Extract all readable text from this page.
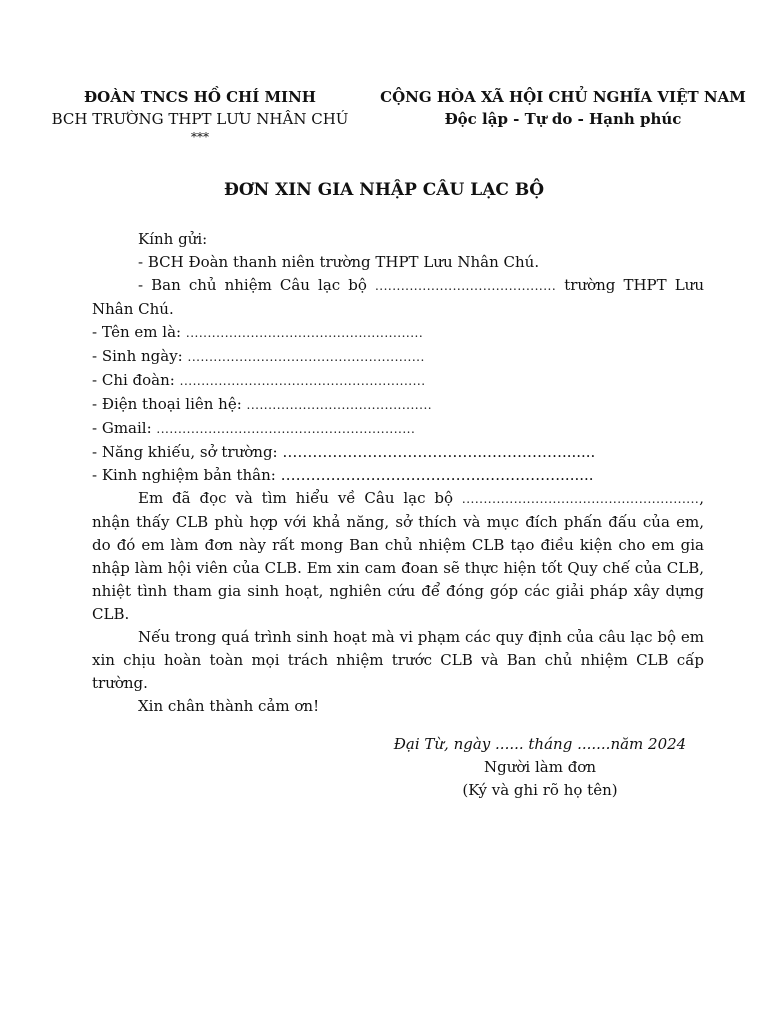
ĐOÀN TNCS HỒ CHÍ MINH
BCH TRƯỜNG THPT LƯU NHÂN CHÚ
***
CỘNG HÒA XÃ HỘI CHỦ NGHĨA VIỆT NAM
Độc lập - Tự do - Hạnh phúc
ĐƠN XIN GIA NHẬP CÂU LẠC BỘ
Kính gửi:
- BCH Đoàn thanh niên trường THPT Lưu Nhân Chú.
- Ban chủ nhiệm Câu lạc bộ .......................................... trường THPT Lưu
Nhân Chú.
- Tên em là: .......................................................
- Sinh ngày: .......................................................
- Chi đoàn: .........................................................
- Điện thoại liên hệ: ...........................................
- Gmail: ............................................................
- Năng khiếu, sở trường: …………………………………..…………….......
- Kinh nghiệm bản thân: …………………………………..…………….......
Em đã đọc và tìm hiểu về Câu lạc bộ ......................................................., nhận thấy CLB phù hợp với khả năng, sở thích và mục đích phấn đấu của em, do đó em làm đơn này rất mong Ban chủ nhiệm CLB tạo điều kiện cho em gia nhập làm hội viên của CLB. Em xin cam đoan sẽ thực hiện tốt Quy chế của CLB, nhiệt tình tham gia sinh hoạt, nghiên cứu để đóng góp các giải pháp xây dựng CLB.
Nếu trong quá trình sinh hoạt mà vi phạm các quy định của câu lạc bộ em xin chịu hoàn toàn mọi trách nhiệm trước CLB và Ban chủ nhiệm CLB cấp trường.
Xin chân thành cảm ơn!
Đại Từ, ngày ...... tháng .......năm 2024
Người làm đơn
(Ký và ghi rõ họ tên)
